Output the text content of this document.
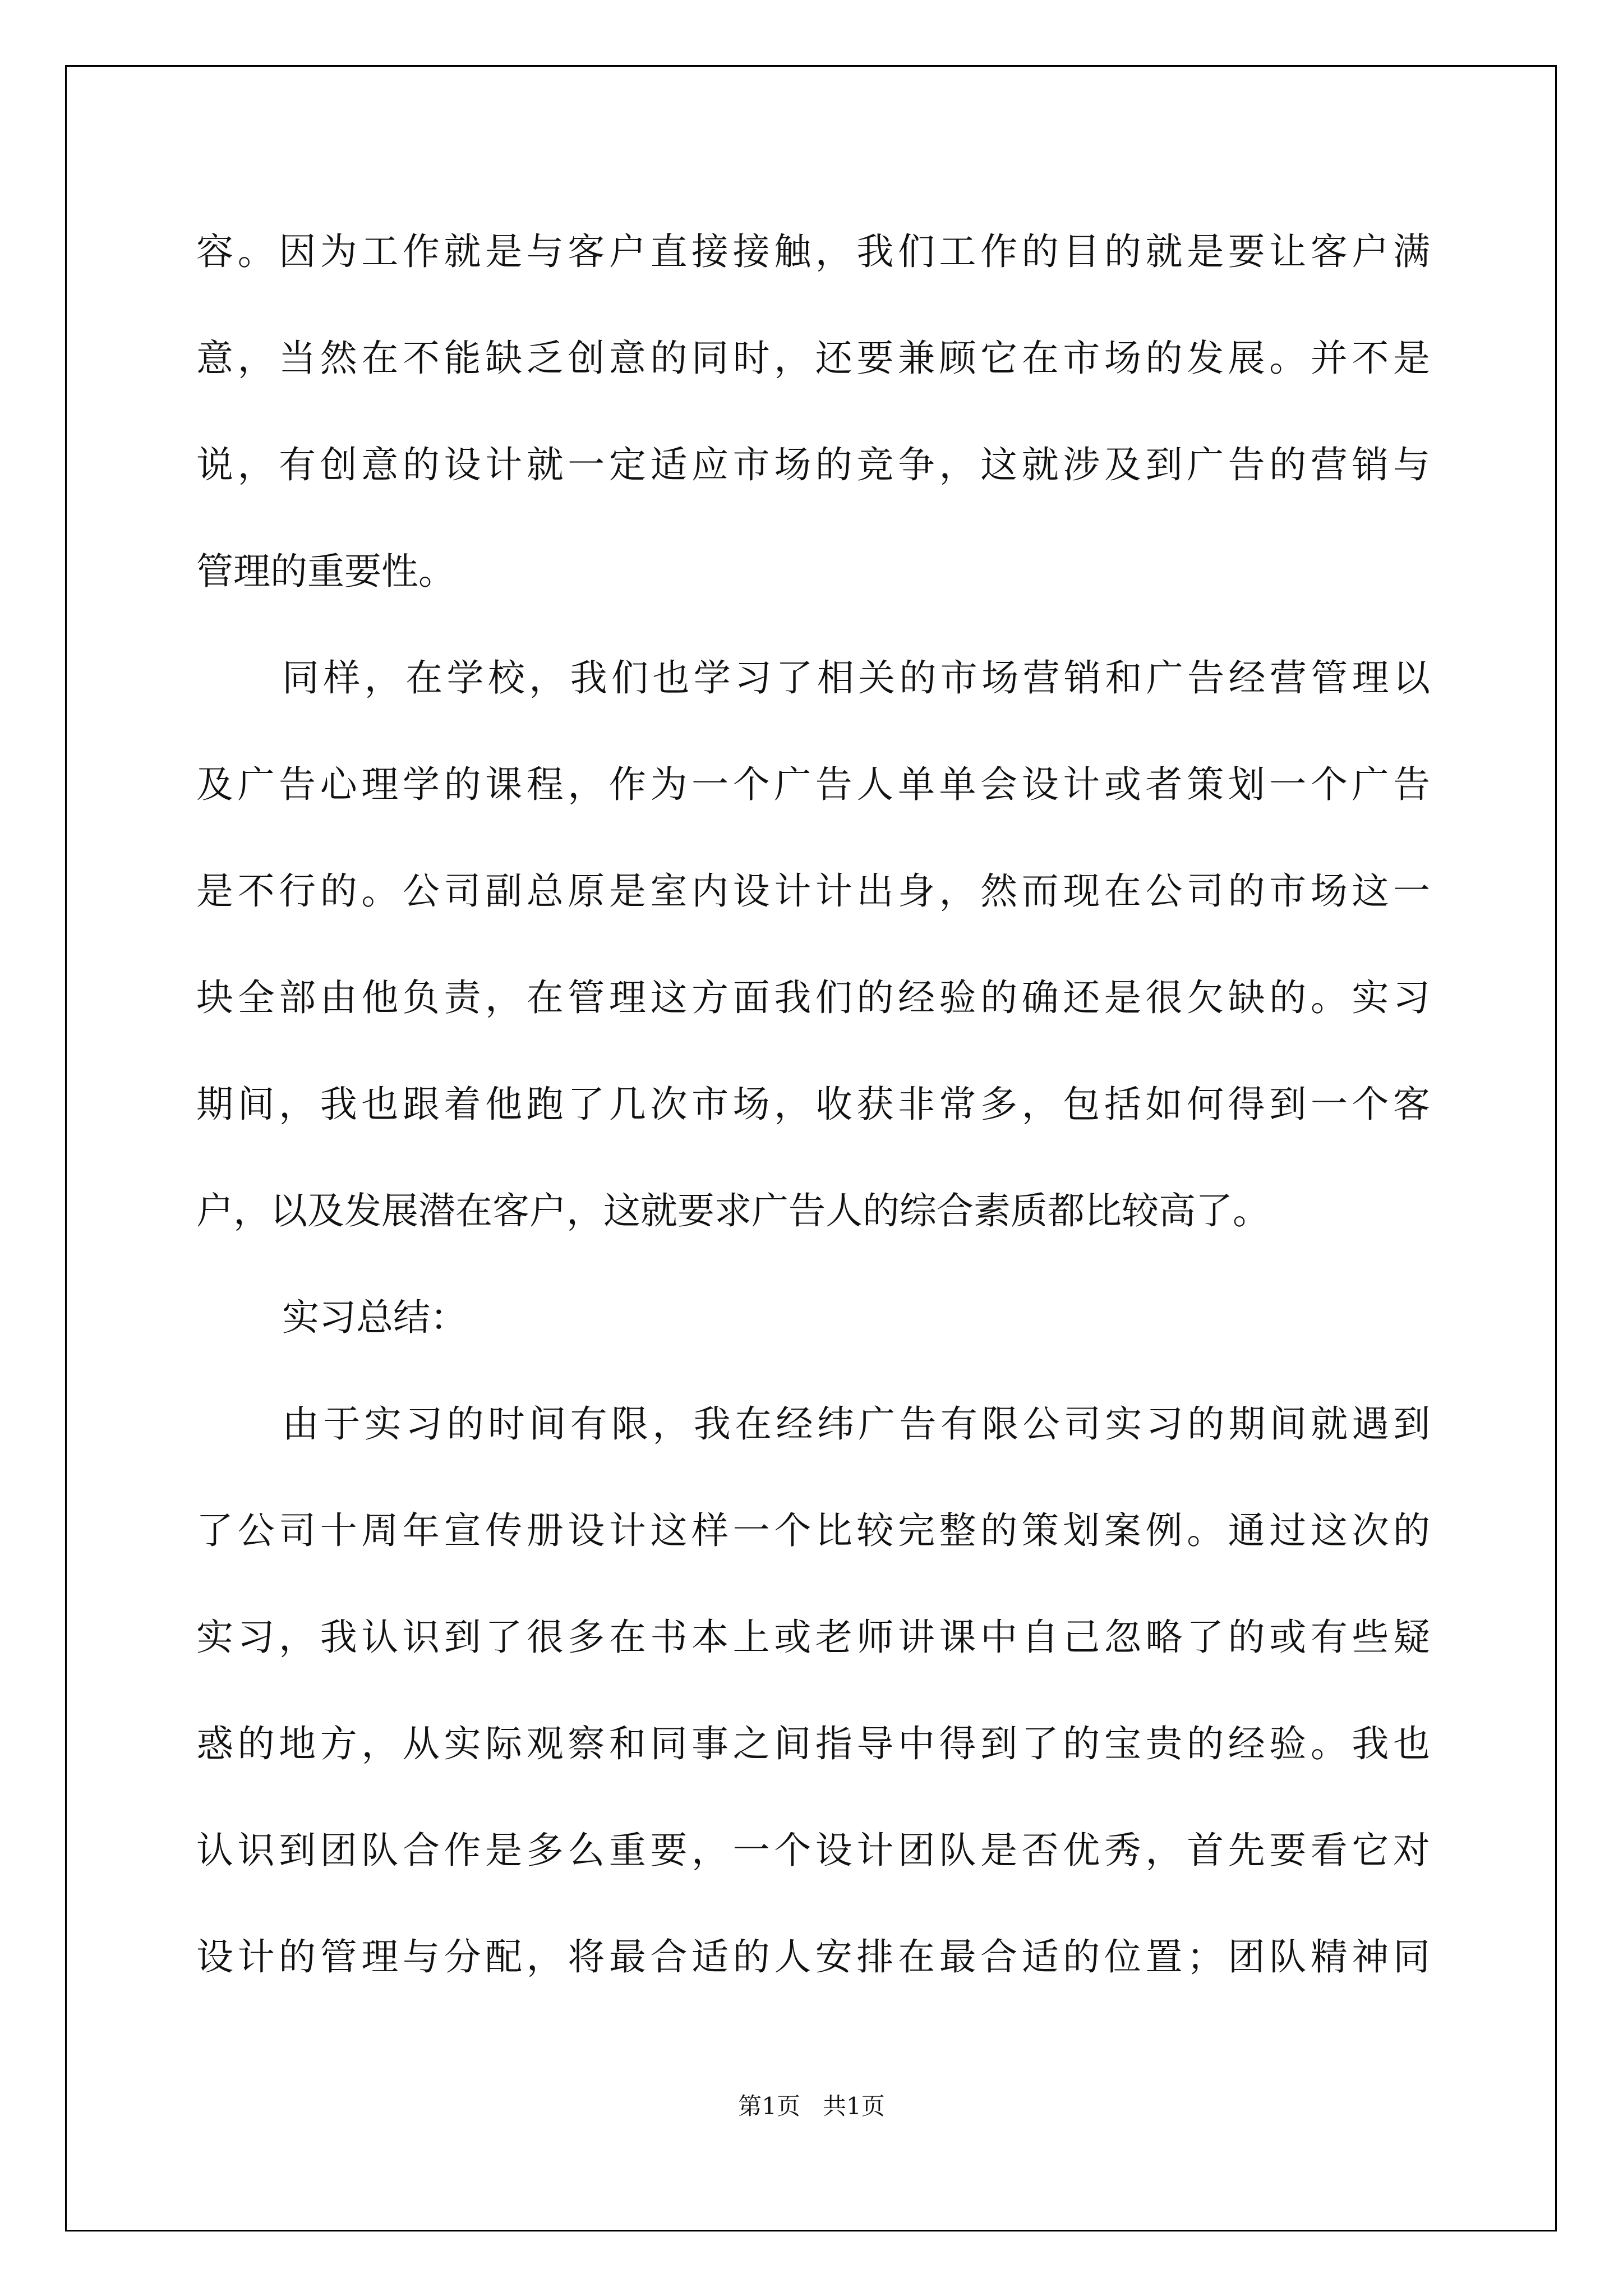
容。因为工作就是与客户直接接触，我们工作的目的就是要让客户满
意，当然在不能缺乏创意的同时，还要兼顾它在市场的发展。并不是
说，有创意的设计就一定适应市场的竞争，这就涉及到广告的营销与
管理的重要性。
同样，在学校，我们也学习了相关的市场营销和广告经营管理以
及广告心理学的课程，作为一个广告人单单会设计或者策划一个广告
是不行的。公司副总原是室内设计计出身，然而现在公司的市场这一
块全部由他负责，在管理这方面我们的经验的确还是很欠缺的。实习
期间，我也跟着他跑了几次市场，收获非常多，包括如何得到一个客
户，以及发展潜在客户，这就要求广告人的综合素质都比较高了。
实习总结：
由于实习的时间有限，我在经纬广告有限公司实习的期间就遇到
了公司十周年宣传册设计这样一个比较完整的策划案例。通过这次的
实习，我认识到了很多在书本上或老师讲课中自己忽略了的或有些疑
惑的地方，从实际观察和同事之间指导中得到了的宝贵的经验。我也
认识到团队合作是多么重要，一个设计团队是否优秀，首先要看它对
设计的管理与分配，将最合适的人安排在最合适的位置；团队精神同
第1页 共1页
